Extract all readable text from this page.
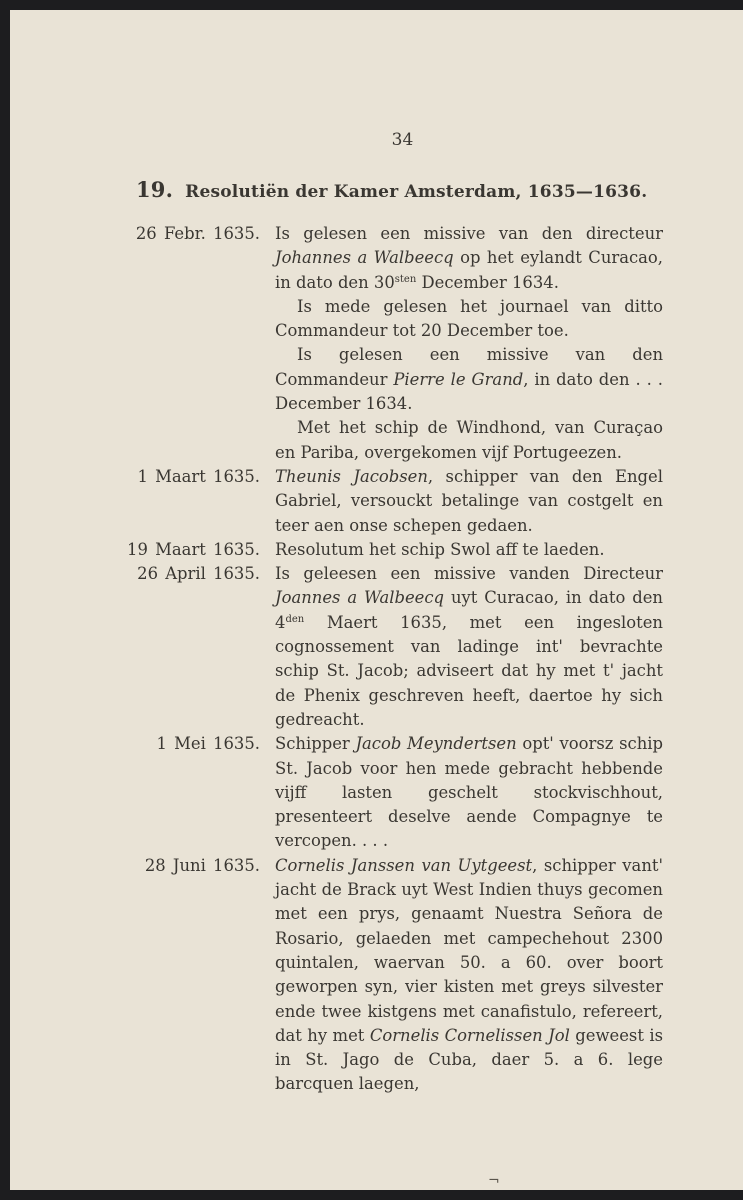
34
19. Resolutiën der Kamer Amsterdam, 1635—1636.
26 Febr. 1635. Is gelesen een missive van den directeur Johannes a Walbeecq op het eylandt Curacao, in dato den $30^{sten}$ December 1634.
Is mede gelesen het journael van ditto Commandeur tot 20 December toe.
Is gelesen een missive van den Commandeur Pierre le Grand, in dato den . . . December 1634.
Met het schip de Windhond, van Curaçao en Pariba, overgekomen vijf Portugeezen.
1 Maart 1635. Theunis Jacobsen, schipper van den Engel Gabriel, versouckt betalinge van costgelt en teer aen onse schepen gedaen.
19 Maart 1635. Resolutum het schip Swol aff te laeden.
26 April 1635. Is geleesen een missive vanden Directeur Joannes a Walbeecq uyt Curacao, in dato den $4^{den}$ Maert 1635, met een ingesloten cognossement van ladinge int' bevrachte schip St. Jacob; adviseert dat hy met t' jacht de Phenix geschreven heeft, daertoe hy sich gedreacht.
1 Mei 1635. Schipper Jacob Meyndertsen opt' voorsz schip St. Jacob voor hen mede gebracht hebbende vijff lasten geschelt stockvischhout, presenteert deselve aende Compagnye te vercopen. . . .
28 Juni 1635. Cornelis Janssen van Uytgeest, schipper vant' jacht de Brack uyt West Indien thuys gecomen met een prys, genaamt Nuestra Señora de Rosario, gelaeden met campechehout 2300 quintalen, waervan 50. a 60. over boort geworpen syn, vier kisten met greys silvester ende twee kistgens met canafistulo, refereert, dat hy met Cornelis Cornelissen Jol geweest is in St. Jago de Cuba, daer 5. a 6. lege barcquen laegen,
¬
